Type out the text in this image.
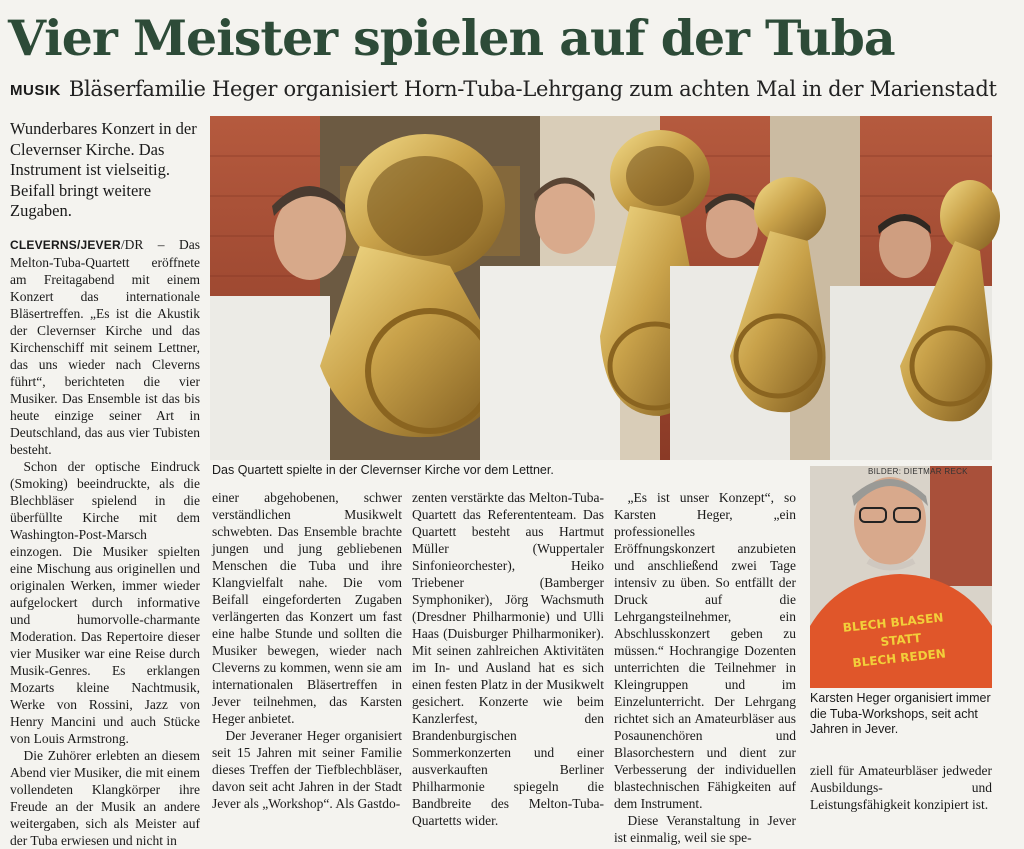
Vier Meister spielen auf der Tuba
MUSIK Bläserfamilie Heger organisiert Horn-Tuba-Lehrgang zum achten Mal in der Marienstadt
Wunderbares Konzert in der Clevernser Kirche. Das Instrument ist vielseitig. Beifall bringt weitere Zugaben.
Das Quartett spielte in der Clevernser Kirche vor dem Lettner.
BLECH BLASEN
STATT
BLECH REDEN
BILDER: DIETMAR RECK
Karsten Heger organisiert immer die Tuba-Workshops, seit acht Jahren in Jever.

CLEVERNS/JEVER/DR – Das Melton-Tuba-Quartett eröffnete am Freitagabend mit einem Konzert das internationale Bläsertreffen. „Es ist die Akustik der Clevernser Kirche und das Kirchenschiff mit seinem Lettner, das uns wieder nach Cleverns führt“, berichteten die vier Musiker. Das Ensemble ist das bis heute einzige seiner Art in Deutschland, das aus vier Tubisten besteht.

Schon der optische Eindruck (Smoking) beeindruckte, als die Blechbläser spielend in die überfüllte Kirche mit dem Washington-Post-Marsch einzogen. Die Musiker spielten eine Mischung aus originellen und originalen Werken, immer wieder aufgelockert durch informative und humorvolle-charmante Moderation. Das Repertoire dieser vier Musiker war eine Reise durch Musik-Genres. Es erklangen Mozarts kleine Nachtmusik, Werke von Rossini, Jazz von Henry Mancini und auch Stücke von Louis Armstrong.

Die Zuhörer erlebten an diesem Abend vier Musiker, die mit einem vollendeten Klangkörper ihre Freude an der Musik an andere weitergaben, sich als Meister auf der Tuba erwiesen und nicht in

einer abgehobenen, schwer verständlichen Musikwelt schwebten. Das Ensemble brachte jungen und jung gebliebenen Menschen die Tuba und ihre Klangvielfalt nahe. Die vom Beifall eingeforderten Zugaben verlängerten das Konzert um fast eine halbe Stunde und sollten die Musiker bewegen, wieder nach Cleverns zu kommen, wenn sie am internationalen Bläsertreffen in Jever teilnehmen, das Karsten Heger anbietet.

Der Jeveraner Heger organisiert seit 15 Jahren mit seiner Familie dieses Treffen der Tiefblechbläser, davon seit acht Jahren in der Stadt Jever als „Workshop“. Als Gastdo-

zenten verstärkte das Melton-Tuba-Quartett das Referententeam. Das Quartett besteht aus Hartmut Müller (Wuppertaler Sinfonieorchester), Heiko Triebener (Bamberger Symphoniker), Jörg Wachsmuth (Dresdner Philharmonie) und Ulli Haas (Duisburger Philharmoniker). Mit seinen zahlreichen Aktivitäten im In- und Ausland hat es sich einen festen Platz in der Musikwelt gesichert. Konzerte wie beim Kanzlerfest, den Brandenburgischen Sommerkonzerten und einer ausverkauften Berliner Philharmonie spiegeln die Bandbreite des Melton-Tuba-Quartetts wider.

„Es ist unser Konzept“, so Karsten Heger, „ein professionelles Eröffnungskonzert anzubieten und anschließend zwei Tage intensiv zu üben. So entfällt der Druck auf die Lehrgangsteilnehmer, ein Abschlusskonzert geben zu müssen.“ Hochrangige Dozenten unterrichten die Teilnehmer in Kleingruppen und im Einzelunterricht. Der Lehrgang richtet sich an Amateurbläser aus Posaunenchören und Blasorchestern und dient zur Verbesserung der individuellen blastechnischen Fähigkeiten auf dem Instrument.

Diese Veranstaltung in Jever ist einmalig, weil sie spe-

ziell für Amateurbläser jedweder Ausbildungs- und Leistungsfähigkeit konzipiert ist.
